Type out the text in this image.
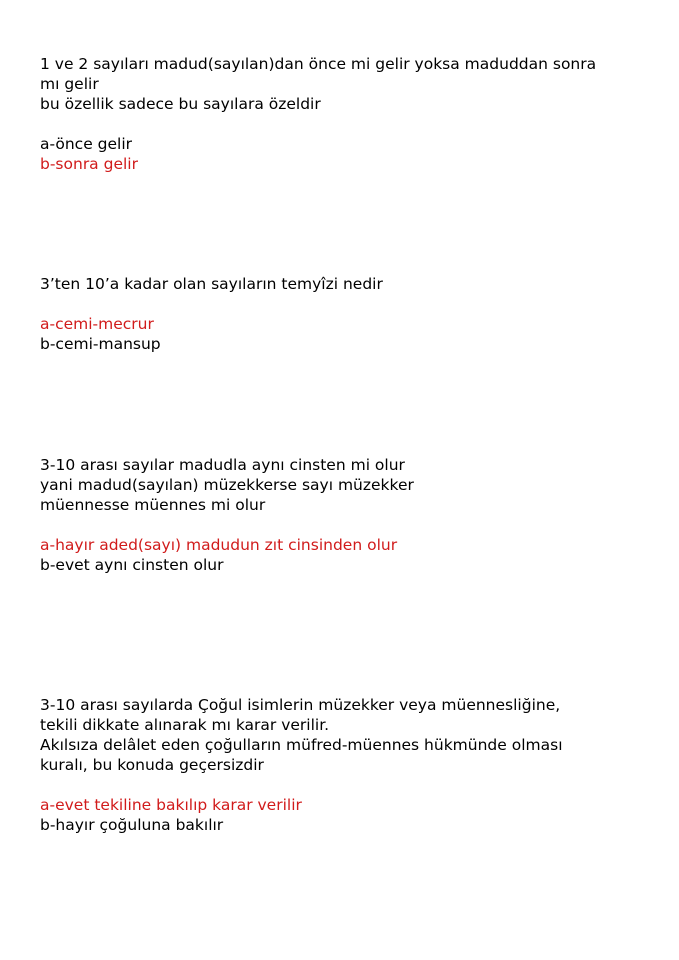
1 ve 2 sayıları madud(sayılan)dan önce mi gelir yoksa maduddan sonra
mı gelir
bu özellik sadece bu sayılara özeldir
a-önce gelir
b-sonra gelir
3’ten 10’a kadar olan sayıların temyîzi nedir
a-cemi-mecrur
b-cemi-mansup
3-10 arası sayılar madudla aynı cinsten mi olur
yani madud(sayılan) müzekkerse sayı müzekker
müennesse müennes mi olur
a-hayır aded(sayı) madudun zıt cinsinden olur
b-evet aynı cinsten olur
3-10 arası sayılarda Çoğul isimlerin müzekker veya müennesliğine,
tekili dikkate alınarak mı karar verilir.
Akılsıza delâlet eden çoğulların müfred-müennes hükmünde olması
kuralı, bu konuda geçersizdir
a-evet tekiline bakılıp karar verilir
b-hayır çoğuluna bakılır
